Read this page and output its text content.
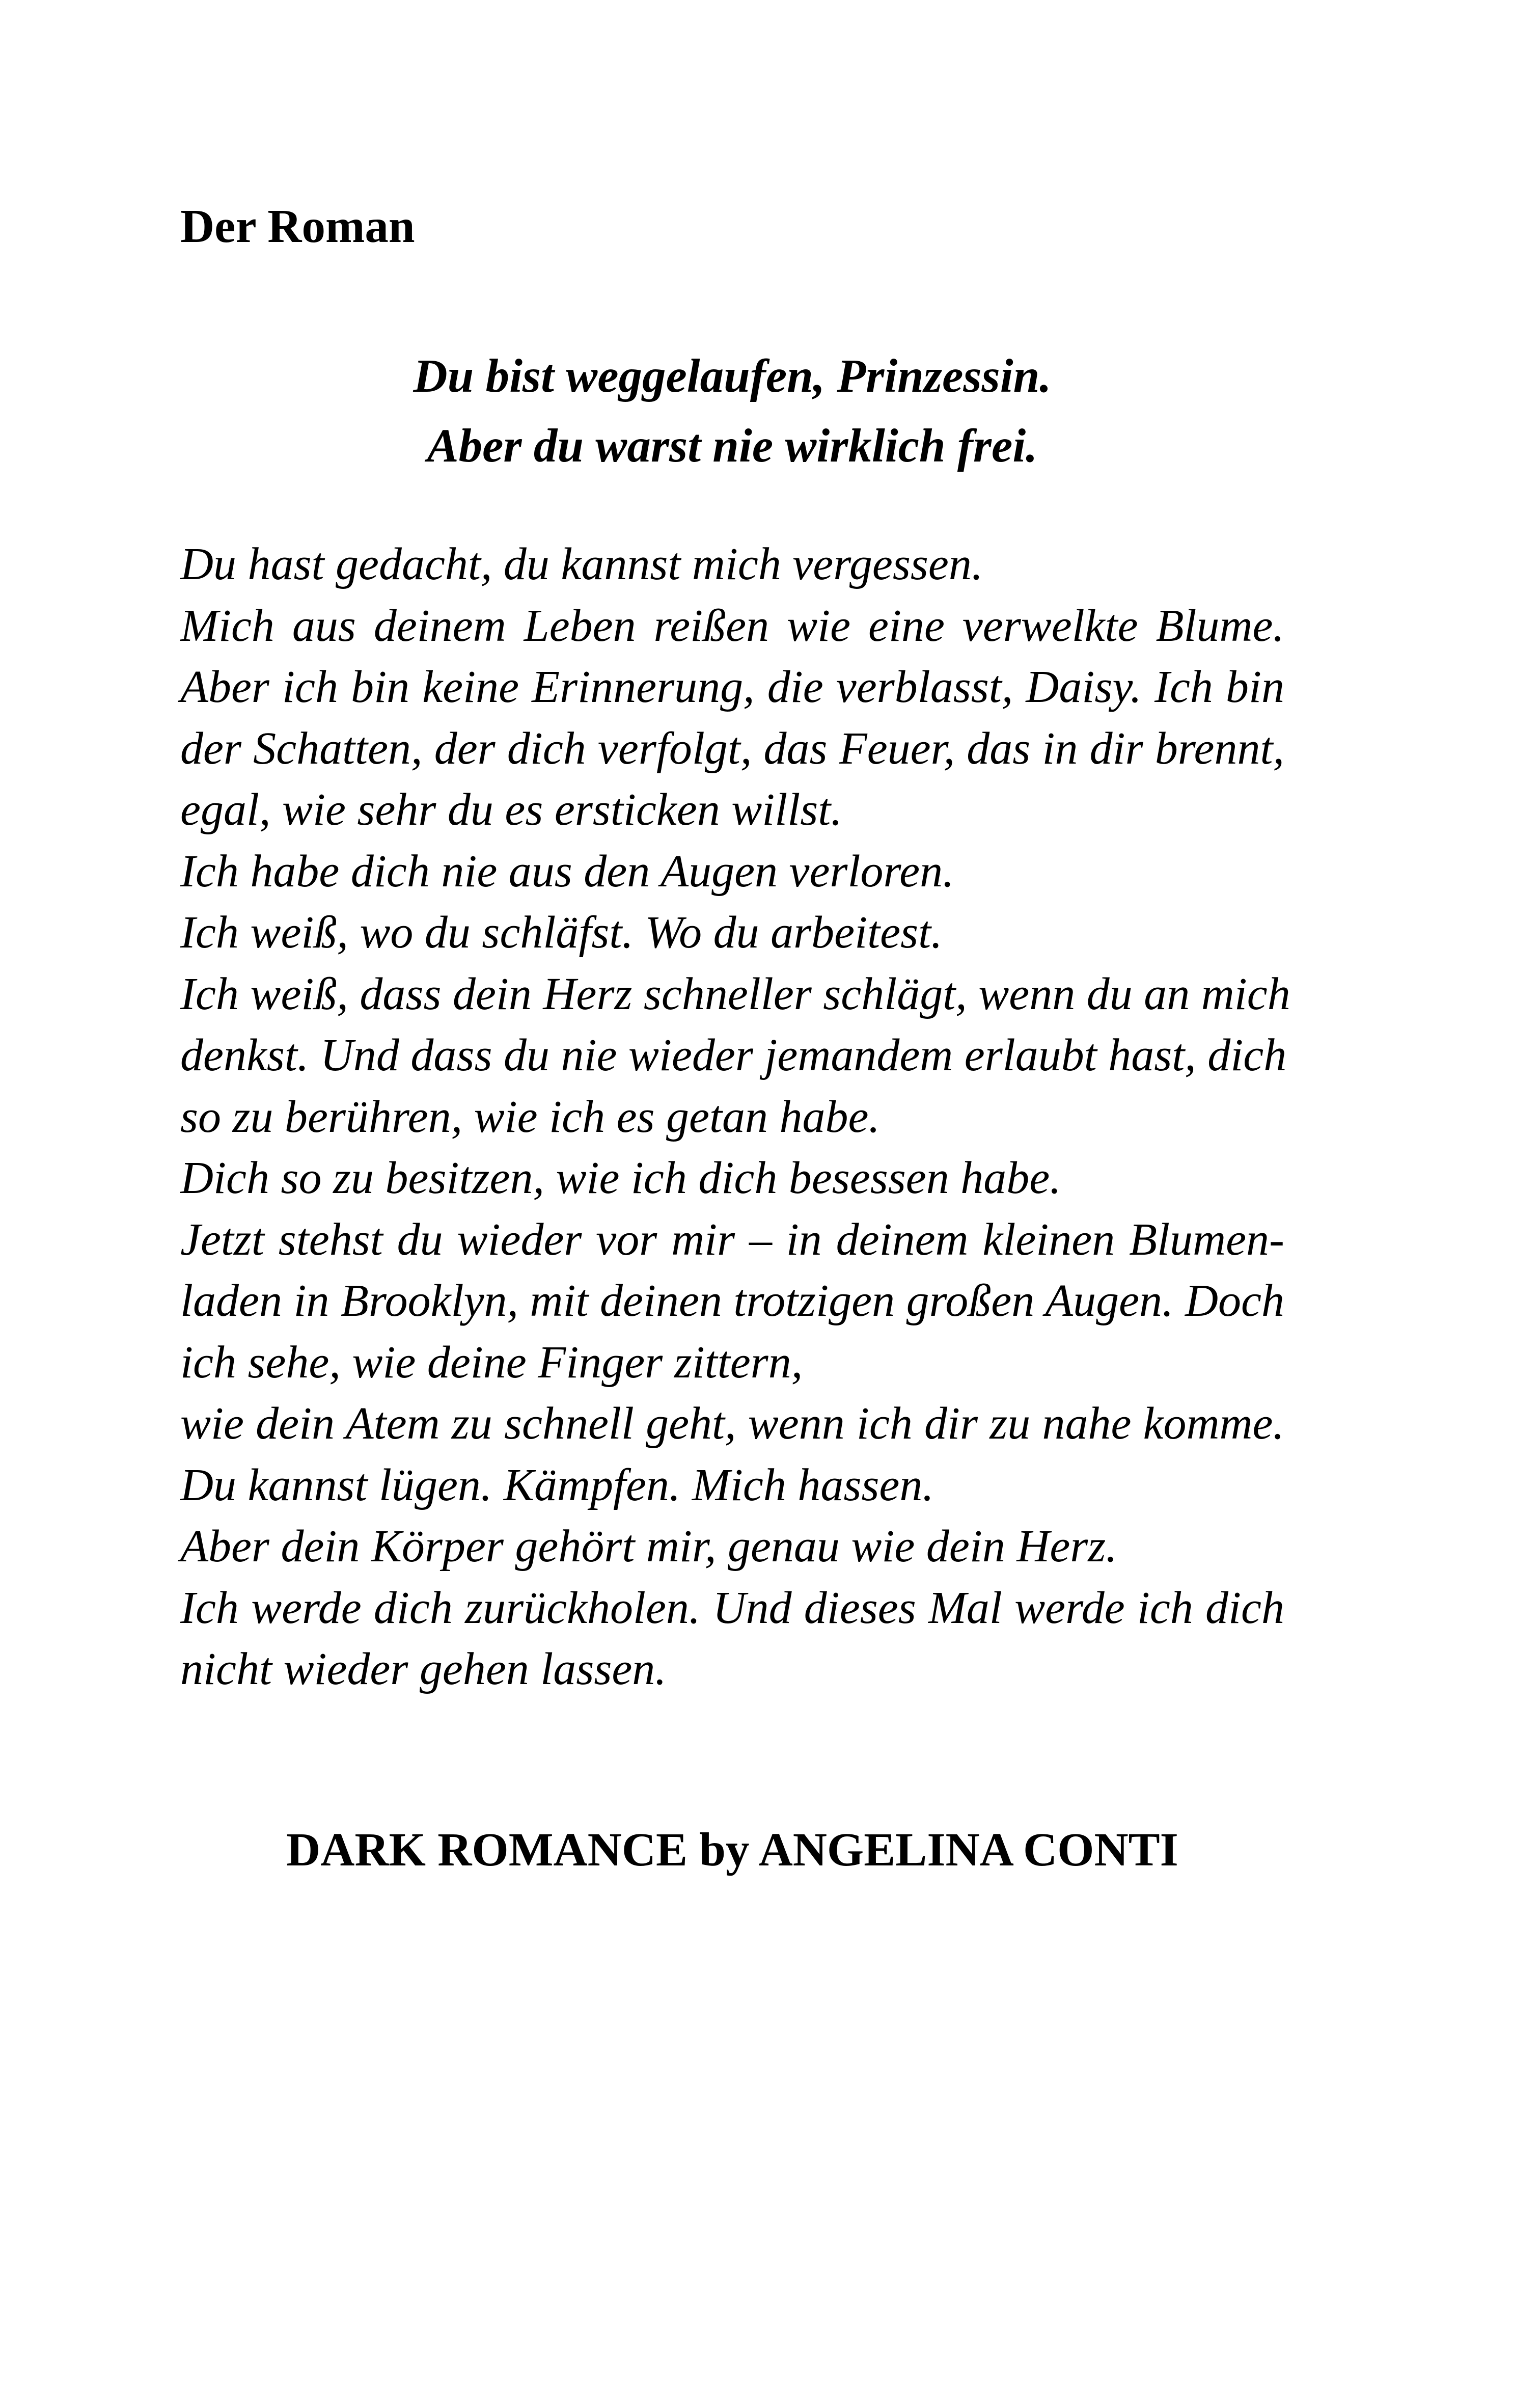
Der Roman
Du bist weggelaufen, Prinzessin.
Aber du warst nie wirklich frei.
Du hast gedacht, du kannst mich vergessen.
Mich aus deinem Leben reißen wie eine verwelkte Blume.
Aber ich bin keine Erinnerung, die verblasst, Daisy. Ich bin
der Schatten, der dich verfolgt, das Feuer, das in dir brennt,
egal, wie sehr du es ersticken willst.
Ich habe dich nie aus den Augen verloren.
Ich weiß, wo du schläfst. Wo du arbeitest.
Ich weiß, dass dein Herz schneller schlägt, wenn du an mich
denkst. Und dass du nie wieder jemandem erlaubt hast, dich
so zu berühren, wie ich es getan habe.
Dich so zu besitzen, wie ich dich besessen habe.
Jetzt stehst du wieder vor mir – in deinem kleinen Blumen-
laden in Brooklyn, mit deinen trotzigen großen Augen. Doch
ich sehe, wie deine Finger zittern,
wie dein Atem zu schnell geht, wenn ich dir zu nahe komme.
Du kannst lügen. Kämpfen. Mich hassen.
Aber dein Körper gehört mir, genau wie dein Herz.
Ich werde dich zurückholen. Und dieses Mal werde ich dich
nicht wieder gehen lassen.
DARK ROMANCE by ANGELINA CONTI
